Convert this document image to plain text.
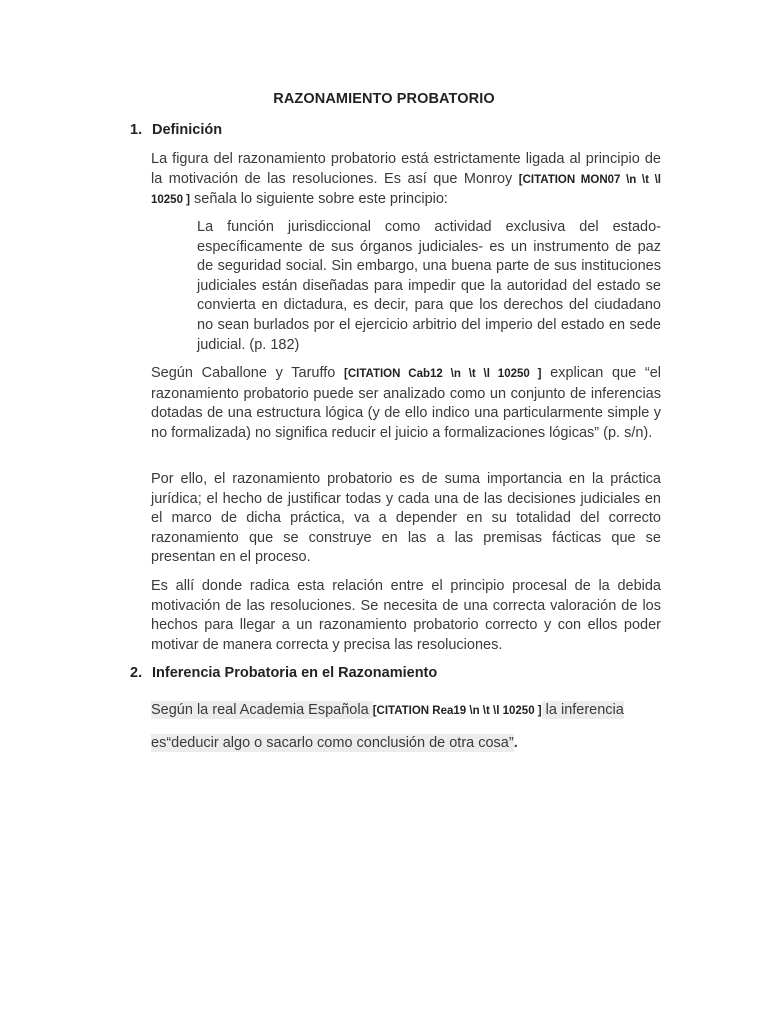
RAZONAMIENTO PROBATORIO
1. Definición
La figura del razonamiento probatorio está estrictamente ligada al principio de la motivación de las resoluciones. Es así que Monroy [CITATION MON07 \n \t \l 10250 ] señala lo siguiente sobre este principio:
La función jurisdiccional como actividad exclusiva del estado- específicamente de sus órganos judiciales- es un instrumento de paz de seguridad social. Sin embargo, una buena parte de sus instituciones judiciales están diseñadas para impedir que la autoridad del estado se convierta en dictadura, es decir, para que los derechos del ciudadano no sean burlados por el ejercicio arbitrio del imperio del estado en sede judicial. (p. 182)
Según Caballone y Taruffo [CITATION Cab12 \n \t \l 10250 ] explican que “el razonamiento probatorio puede ser analizado como un conjunto de inferencias dotadas de una estructura lógica (y de ello indico una particularmente simple y no formalizada) no significa reducir el juicio a formalizaciones lógicas” (p. s/n).
Por ello, el razonamiento probatorio es de suma importancia en la práctica jurídica; el hecho de justificar todas y cada una de las decisiones judiciales en el marco de dicha práctica, va a depender en su totalidad del correcto razonamiento que se construye en las a las premisas fácticas que se presentan en el proceso.
Es allí donde radica esta relación entre el principio procesal de la debida motivación de las resoluciones. Se necesita de una correcta valoración de los hechos para llegar a un razonamiento probatorio correcto y con ellos poder motivar de manera correcta y precisa las resoluciones.
2. Inferencia Probatoria en el Razonamiento
Según la real Academia Española [CITATION Rea19 \n \t \l 10250 ] la inferencia
es“deducir algo o sacarlo como conclusión de otra cosa”.
